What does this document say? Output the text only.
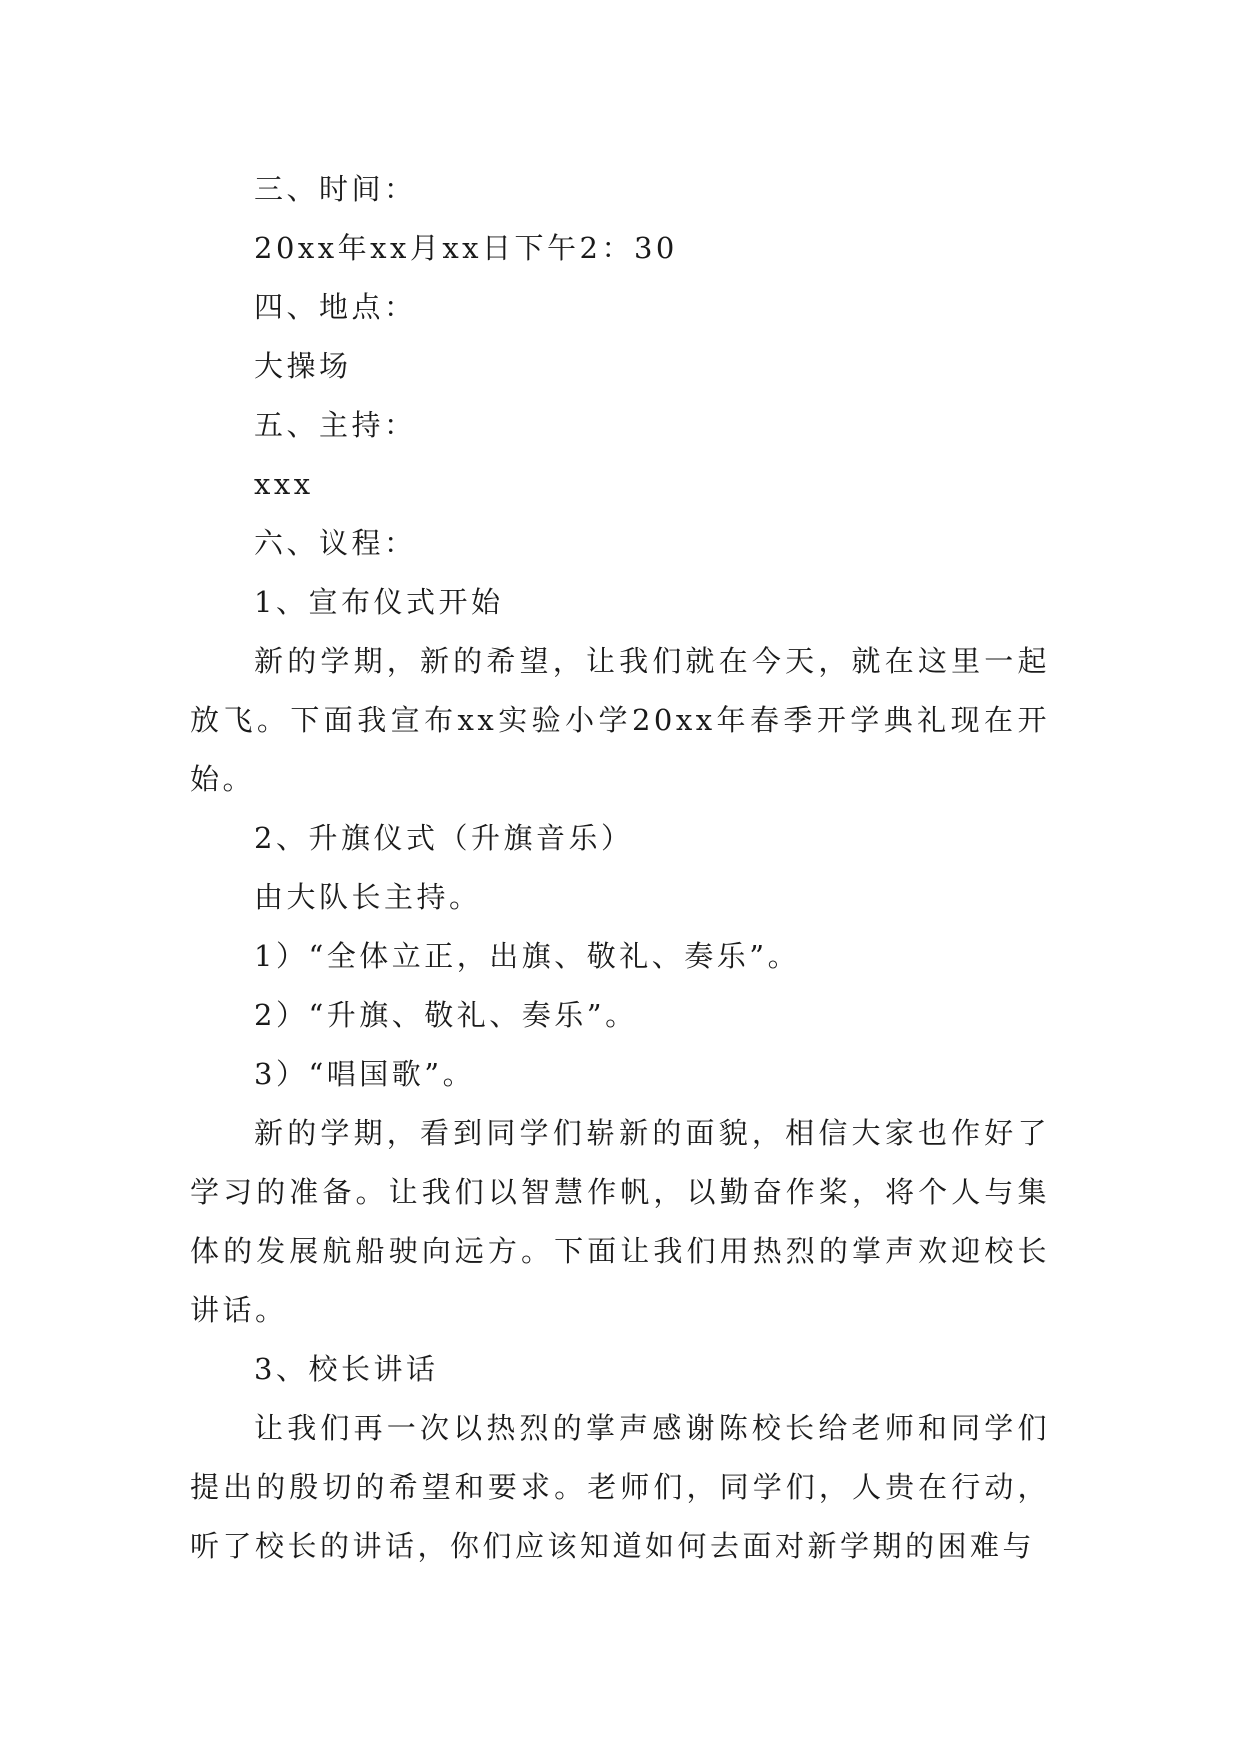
三、时间：
20xx年xx月xx日下午2：30
四、地点：
大操场
五、主持：
xxx
六、议程：
1、宣布仪式开始
新的学期，新的希望，让我们就在今天，就在这里一起放飞。下面我宣布xx实验小学20xx年春季开学典礼现在开始。
2、升旗仪式（升旗音乐）
由大队长主持。
1）“全体立正，出旗、敬礼、奏乐”。
2）“升旗、敬礼、奏乐”。
3）“唱国歌”。
新的学期，看到同学们崭新的面貌，相信大家也作好了学习的准备。让我们以智慧作帆，以勤奋作桨，将个人与集体的发展航船驶向远方。下面让我们用热烈的掌声欢迎校长讲话。
3、校长讲话
让我们再一次以热烈的掌声感谢陈校长给老师和同学们提出的殷切的希望和要求。老师们，同学们，人贵在行动，听了校长的讲话，你们应该知道如何去面对新学期的困难与
